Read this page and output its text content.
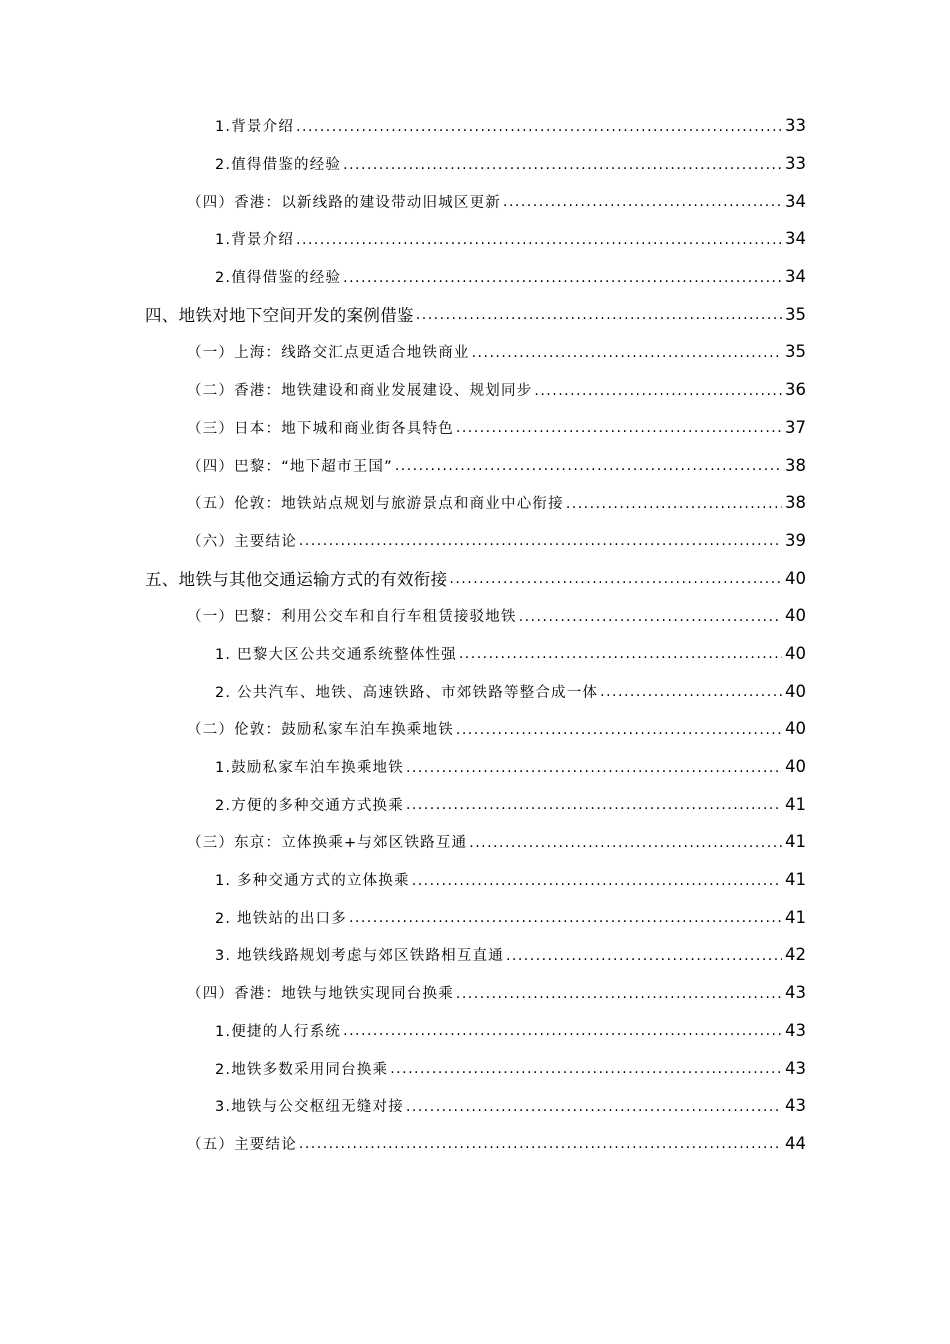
1.背景介绍 .....	33
2.值得借鉴的经验 .....	33
（四）香港：以新线路的建设带动旧城区更新 .....	34
1.背景介绍 .....	34
2.值得借鉴的经验 .....	34
四、地铁对地下空间开发的案例借鉴 .....	35
（一）上海：线路交汇点更适合地铁商业 .....	35
（二）香港：地铁建设和商业发展建设、规划同步 .....	36
（三）日本：地下城和商业街各具特色 .....	37
（四）巴黎：“地下超市王国” .....	38
（五）伦敦：地铁站点规划与旅游景点和商业中心衔接 .....	38
（六）主要结论 .....	39
五、地铁与其他交通运输方式的有效衔接 .....	40
（一）巴黎：利用公交车和自行车租赁接驳地铁 .....	40
1. 巴黎大区公共交通系统整体性强 .....	40
2. 公共汽车、地铁、高速铁路、市郊铁路等整合成一体 .....	40
（二）伦敦：鼓励私家车泊车换乘地铁 .....	40
1.鼓励私家车泊车换乘地铁 .....	40
2.方便的多种交通方式换乘 .....	41
（三）东京：立体换乘+与郊区铁路互通 .....	41
1. 多种交通方式的立体换乘 .....	41
2. 地铁站的出口多 .....	41
3. 地铁线路规划考虑与郊区铁路相互直通 .....	42
（四）香港：地铁与地铁实现同台换乘 .....	43
1.便捷的人行系统 .....	43
2.地铁多数采用同台换乘 .....	43
3.地铁与公交枢纽无缝对接 .....	43
（五）主要结论 .....	44
